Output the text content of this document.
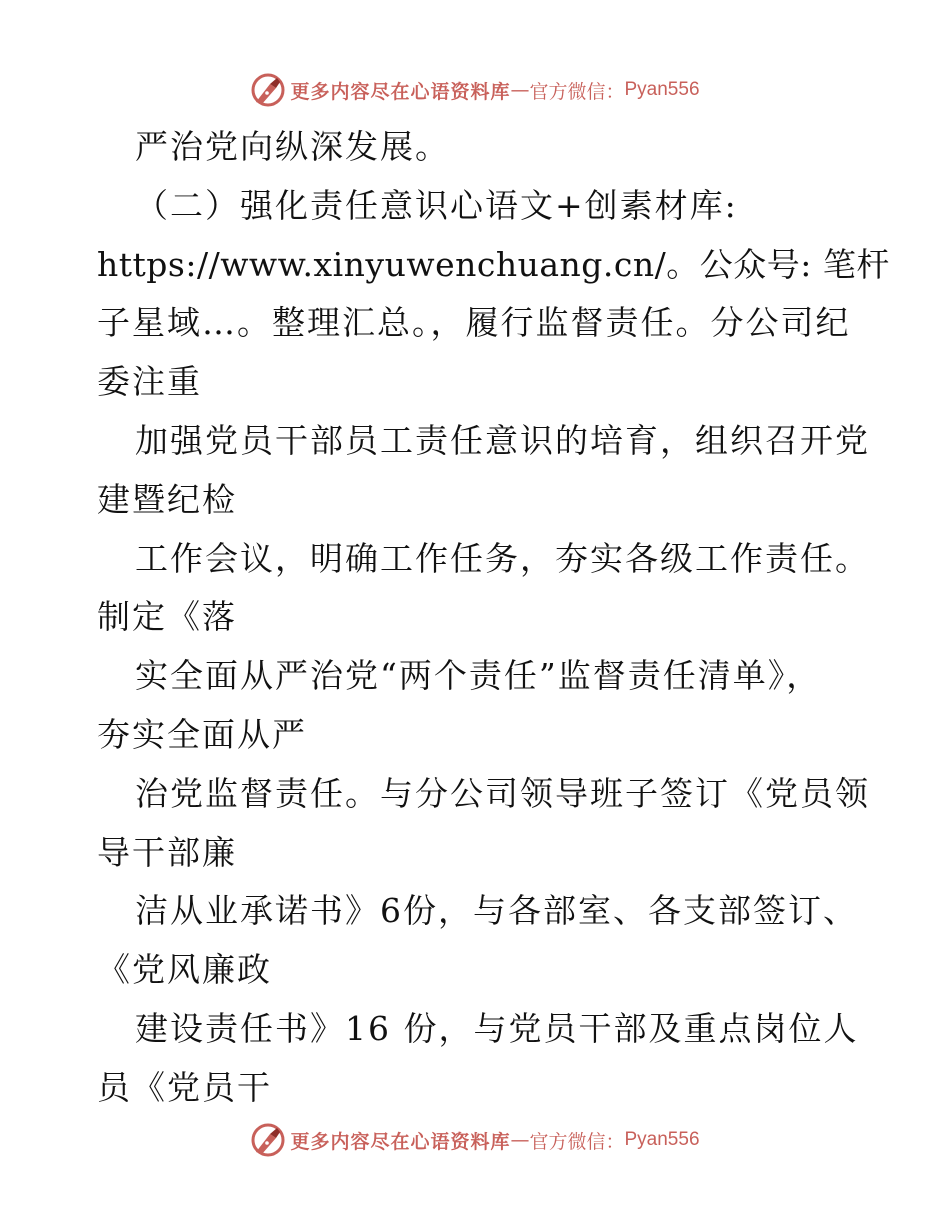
更多内容尽在心语资料库 — 官方微信： Pyan556
严治党向纵深发展。
（二）强化责任意识心语文+创素材库:
https://www.xinyuwenchuang.cn/。公众号: 笔杆
子星域…。整理汇总。，履行监督责任。分公司纪
委注重
加强党员干部员工责任意识的培育，组织召开党
建暨纪检
工作会议，明确工作任务，夯实各级工作责任。
制定《落
实全面从严治党“两个责任”监督责任清单》，
夯实全面从严
治党监督责任。与分公司领导班子签订《党员领
导干部廉
洁从业承诺书》6份，与各部室、各支部签订、
《党风廉政
建设责任书》16 份，与党员干部及重点岗位人
员《党员干
更多内容尽在心语资料库 — 官方微信： Pyan556
